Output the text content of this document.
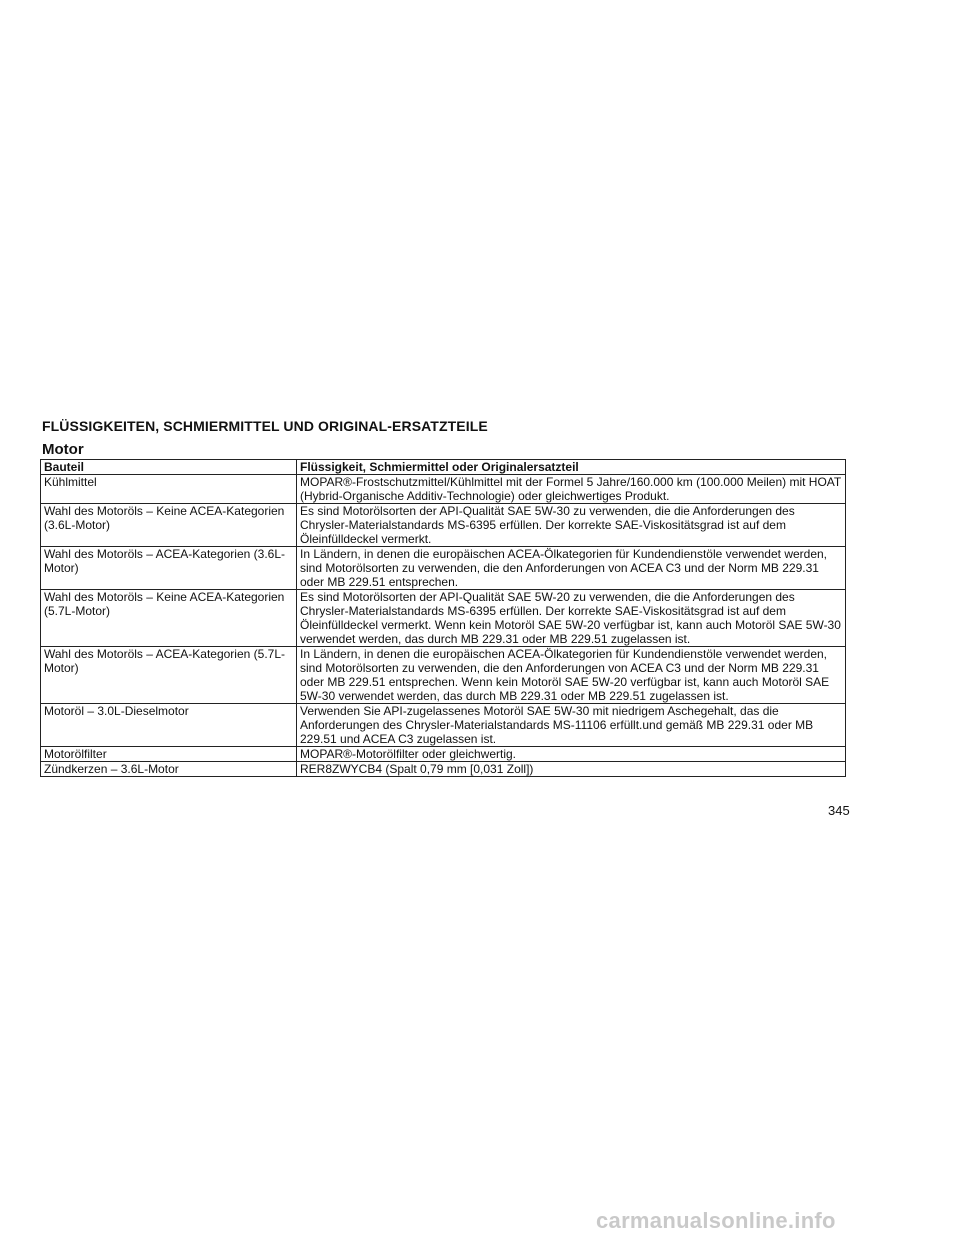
FLÜSSIGKEITEN, SCHMIERMITTEL UND ORIGINAL-ERSATZTEILE
Motor
Bauteil	Flüssigkeit, Schmiermittel oder Originalersatzteil
Kühlmittel	MOPAR®-Frostschutzmittel/Kühlmittel mit der Formel 5 Jahre/160.000 km (100.000 Meilen) mit HOAT (Hybrid-Organische Additiv-Technologie) oder gleichwertiges Produkt.
Wahl des Motoröls – Keine ACEA-Kategorien (3.6L-Motor)	Es sind Motorölsorten der API-Qualität SAE 5W-30 zu verwenden, die die Anforderungen des Chrysler-Materialstandards MS-6395 erfüllen. Der korrekte SAE-Viskositätsgrad ist auf dem Öleinfülldeckel vermerkt.
Wahl des Motoröls – ACEA-Kategorien (3.6L-Motor)	In Ländern, in denen die europäischen ACEA-Ölkategorien für Kundendienstöle verwendet werden, sind Motorölsorten zu verwenden, die den Anforderungen von ACEA C3 und der Norm MB 229.31 oder MB 229.51 entsprechen.
Wahl des Motoröls – Keine ACEA-Kategorien (5.7L-Motor)	Es sind Motorölsorten der API-Qualität SAE 5W-20 zu verwenden, die die Anforderungen des Chrysler-Materialstandards MS-6395 erfüllen. Der korrekte SAE-Viskositätsgrad ist auf dem Öleinfülldeckel vermerkt. Wenn kein Motoröl SAE 5W-20 verfügbar ist, kann auch Motoröl SAE 5W-30 verwendet werden, das durch MB 229.31 oder MB 229.51 zugelassen ist.
Wahl des Motoröls – ACEA-Kategorien (5.7L-Motor)	In Ländern, in denen die europäischen ACEA-Ölkategorien für Kundendienstöle verwendet werden, sind Motorölsorten zu verwenden, die den Anforderungen von ACEA C3 und der Norm MB 229.31 oder MB 229.51 entsprechen. Wenn kein Motoröl SAE 5W-20 verfügbar ist, kann auch Motoröl SAE 5W-30 verwendet werden, das durch MB 229.31 oder MB 229.51 zugelassen ist.
Motoröl – 3.0L-Dieselmotor	Verwenden Sie API-zugelassenes Motoröl SAE 5W-30 mit niedrigem Aschegehalt, das die Anforderungen des Chrysler-Materialstandards MS-11106 erfüllt.und gemäß MB 229.31 oder MB 229.51 und ACEA C3 zugelassen ist.
Motorölfilter	MOPAR®-Motorölfilter oder gleichwertig.
Zündkerzen – 3.6L-Motor	RER8ZWYCB4 (Spalt 0,79 mm [0,031 Zoll])

345

carmanualsonline.info
